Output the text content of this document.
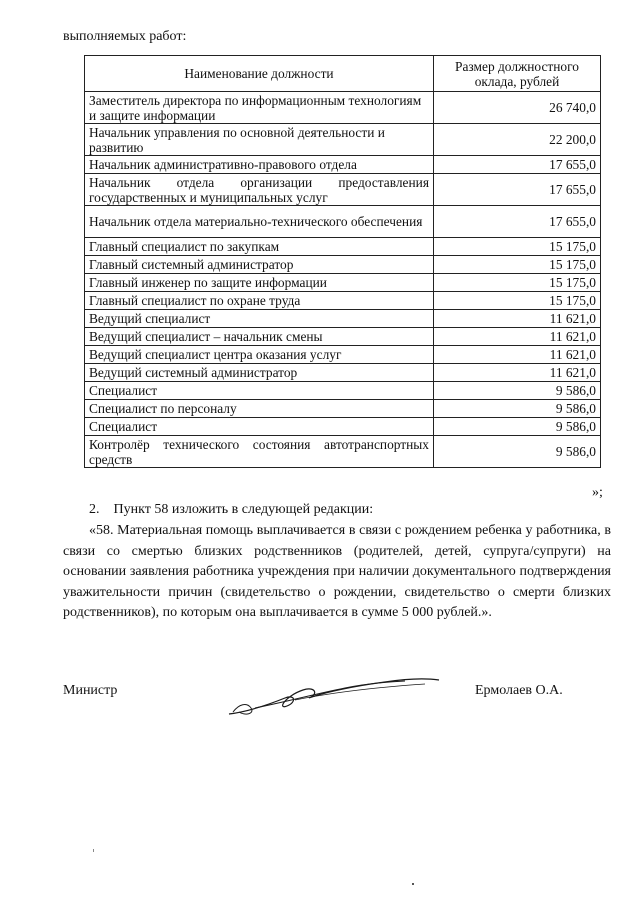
выполняемых работ:
Наименование должности	Размер должностного оклада, рублей
Заместитель директора по информационным технологиям и защите информации	26 740,0
Начальник управления по основной деятельности и развитию	22 200,0
Начальник административно-правового отдела	17 655,0
Начальник отдела организации предоставления государственных и муниципальных услуг	17 655,0
Начальник отдела материально-технического обеспечения	17 655,0
Главный специалист по закупкам	15 175,0
Главный системный администратор	15 175,0
Главный инженер по защите информации	15 175,0
Главный специалист по охране труда	15 175,0
Ведущий специалист	11 621,0
Ведущий специалист – начальник смены	11 621,0
Ведущий специалист центра оказания услуг	11 621,0
Ведущий системный администратор	11 621,0
Специалист	9 586,0
Специалист по персоналу	9 586,0
Специалист	9 586,0
Контролёр технического состояния автотранспортных средств	9 586,0
»;
2.    Пункт 58 изложить в следующей редакции:
«58. Материальная помощь выплачивается в связи с рождением ребенка у работника, в связи со смертью близких родственников (родителей, детей, супруга/супруги) на основании заявления работника учреждения при наличии документального подтверждения уважительности причин (свидетельство о рождении, свидетельство о смерти близких родственников), по которым она выплачивается в сумме 5 000 рублей.».
Министр	Ермолаев О.А.
